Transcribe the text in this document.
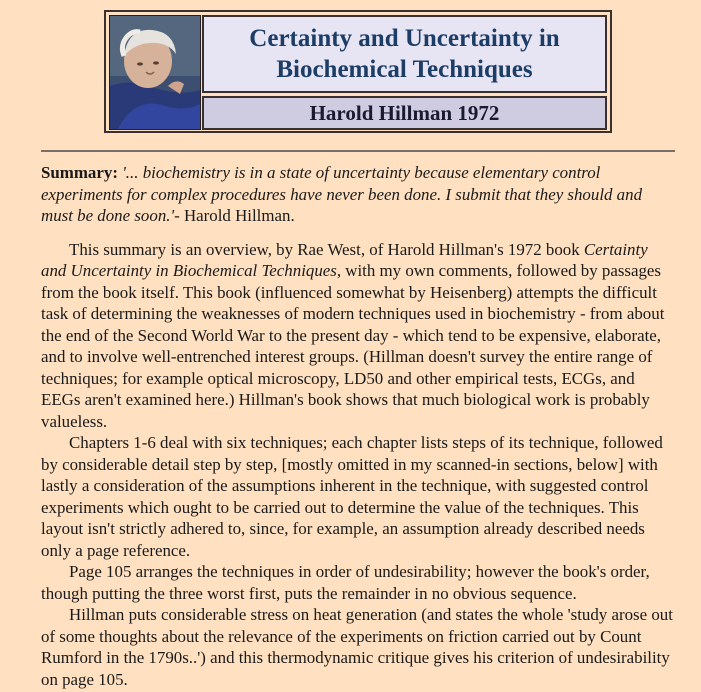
Certainty and Uncertainty in Biochemical Techniques
Harold Hillman 1972

Summary: '... biochemistry is in a state of uncertainty because elementary control experiments for complex procedures have never been done. I submit that they should and must be done soon.'- Harold Hillman.

This summary is an overview, by Rae West, of Harold Hillman's 1972 book Certainty and Uncertainty in Biochemical Techniques, with my own comments, followed by passages from the book itself. This book (influenced somewhat by Heisenberg) attempts the difficult task of determining the weaknesses of modern techniques used in biochemistry - from about the end of the Second World War to the present day - which tend to be expensive, elaborate, and to involve well-entrenched interest groups. (Hillman doesn't survey the entire range of techniques; for example optical microscopy, LD50 and other empirical tests, ECGs, and EEGs aren't examined here.) Hillman's book shows that much biological work is probably valueless.

Chapters 1-6 deal with six techniques; each chapter lists steps of its technique, followed by considerable detail step by step, [mostly omitted in my scanned-in sections, below] with lastly a consideration of the assumptions inherent in the technique, with suggested control experiments which ought to be carried out to determine the value of the techniques. This layout isn't strictly adhered to, since, for example, an assumption already described needs only a page reference.

Page 105 arranges the techniques in order of undesirability; however the book's order, though putting the three worst first, puts the remainder in no obvious sequence.

Hillman puts considerable stress on heat generation (and states the whole 'study arose out of some thoughts about the relevance of the experiments on friction carried out by Count Rumford in the 1790s..') and this thermodynamic critique gives his criterion of undesirability on page 105.
